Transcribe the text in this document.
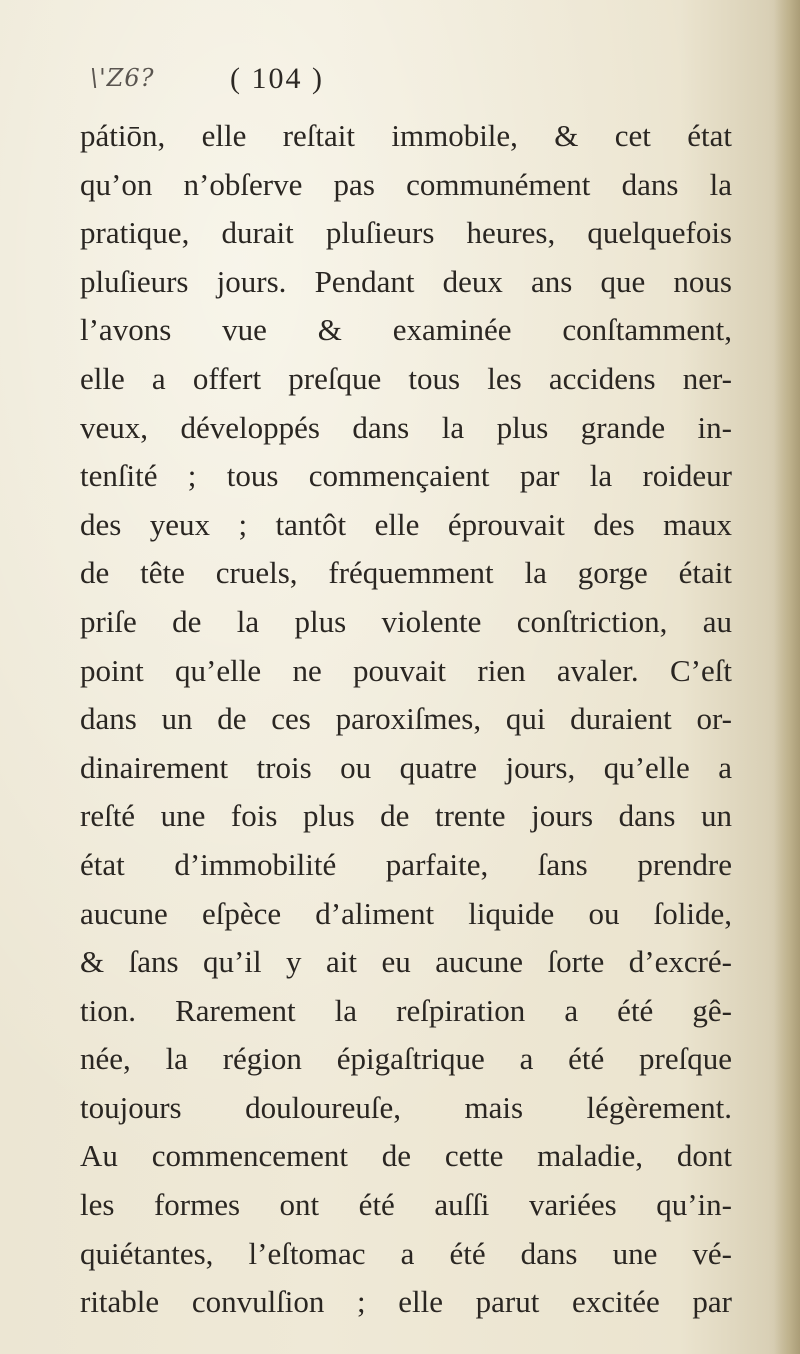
\'Z6?	( 104 )
pátiōn, elle reſtait immobile, & cet état
qu’on n’obſerve pas communément dans la
pratique, durait pluſieurs heures, quelquefois
pluſieurs jours. Pendant deux ans que nous
l’avons vue & examinée conſtamment,
elle a offert preſque tous les accidens ner-
veux, développés dans la plus grande in-
tenſité ; tous commençaient par la roideur
des yeux ; tantôt elle éprouvait des maux
de tête cruels, fréquemment la gorge était
priſe de la plus violente conſtriction, au
point qu’elle ne pouvait rien avaler. C’eſt
dans un de ces paroxiſmes, qui duraient or-
dinairement trois ou quatre jours, qu’elle a
reſté une fois plus de trente jours dans un
état d’immobilité parfaite, ſans prendre
aucune eſpèce d’aliment liquide ou ſolide,
& ſans qu’il y ait eu aucune ſorte d’excré-
tion. Rarement la reſpiration a été gê-
née, la région épigaſtrique a été preſque
toujours douloureuſe, mais légèrement.
Au commencement de cette maladie, dont
les formes ont été auſſi variées qu’in-
quiétantes, l’eſtomac a été dans une vé-
ritable convulſion ; elle parut excitée par
